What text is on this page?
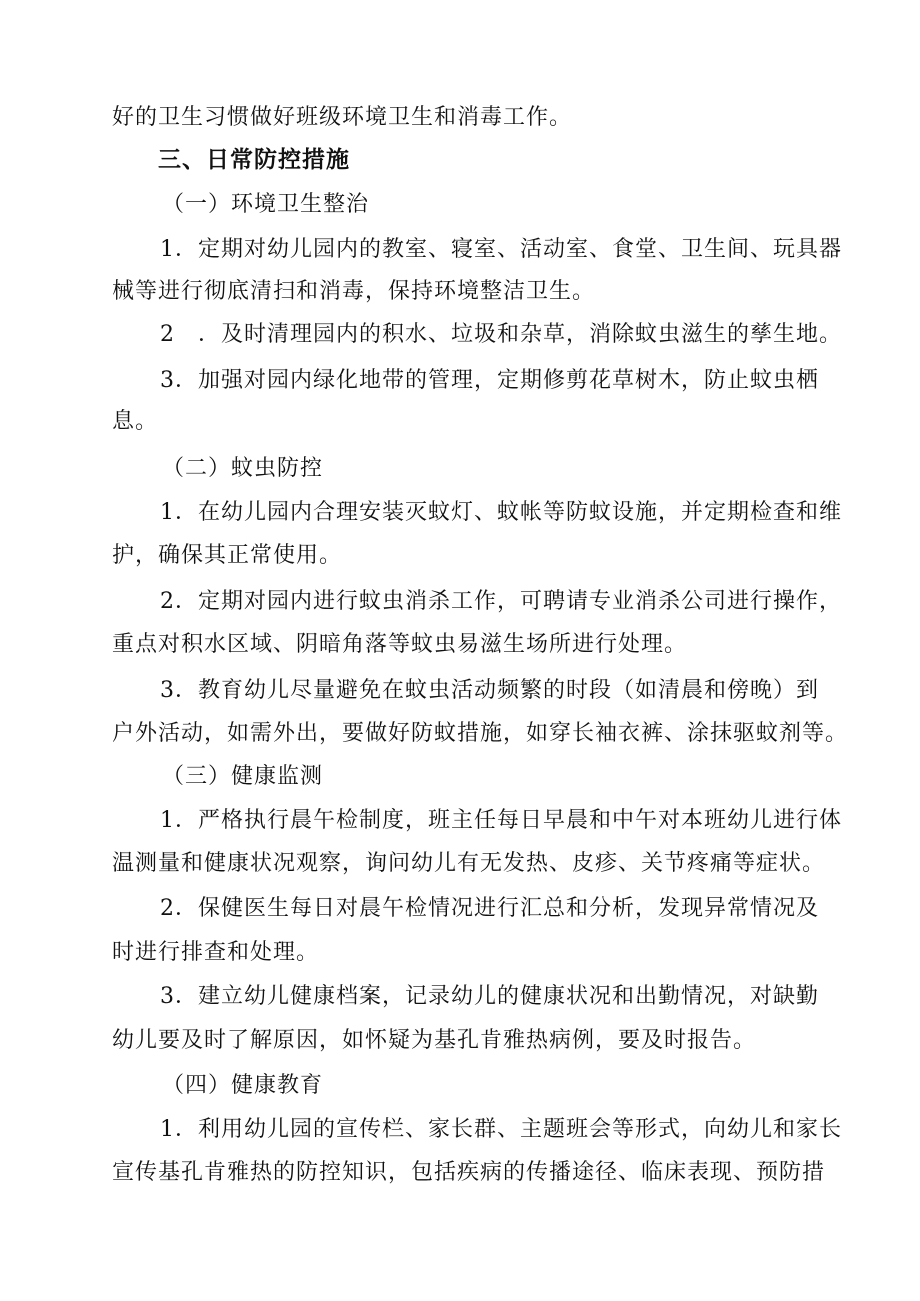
好的卫生习惯做好班级环境卫生和消毒工作。
三、日常防控措施
（一）环境卫生整治
1．定期对幼儿园内的教室、寝室、活动室、食堂、卫生间、玩具器
械等进行彻底清扫和消毒，保持环境整洁卫生。
2　．及时清理园内的积水、垃圾和杂草，消除蚊虫滋生的孳生地。
3．加强对园内绿化地带的管理，定期修剪花草树木，防止蚊虫栖
息。
（二）蚊虫防控
1．在幼儿园内合理安装灭蚊灯、蚊帐等防蚊设施，并定期检查和维
护，确保其正常使用。
2．定期对园内进行蚊虫消杀工作，可聘请专业消杀公司进行操作，
重点对积水区域、阴暗角落等蚊虫易滋生场所进行处理。
3．教育幼儿尽量避免在蚊虫活动频繁的时段（如清晨和傍晚）到
户外活动，如需外出，要做好防蚊措施，如穿长袖衣裤、涂抹驱蚊剂等。
（三）健康监测
1．严格执行晨午检制度，班主任每日早晨和中午对本班幼儿进行体
温测量和健康状况观察，询问幼儿有无发热、皮疹、关节疼痛等症状。
2．保健医生每日对晨午检情况进行汇总和分析，发现异常情况及
时进行排查和处理。
3．建立幼儿健康档案，记录幼儿的健康状况和出勤情况，对缺勤
幼儿要及时了解原因，如怀疑为基孔肯雅热病例，要及时报告。
（四）健康教育
1．利用幼儿园的宣传栏、家长群、主题班会等形式，向幼儿和家长
宣传基孔肯雅热的防控知识，包括疾病的传播途径、临床表现、预防措
